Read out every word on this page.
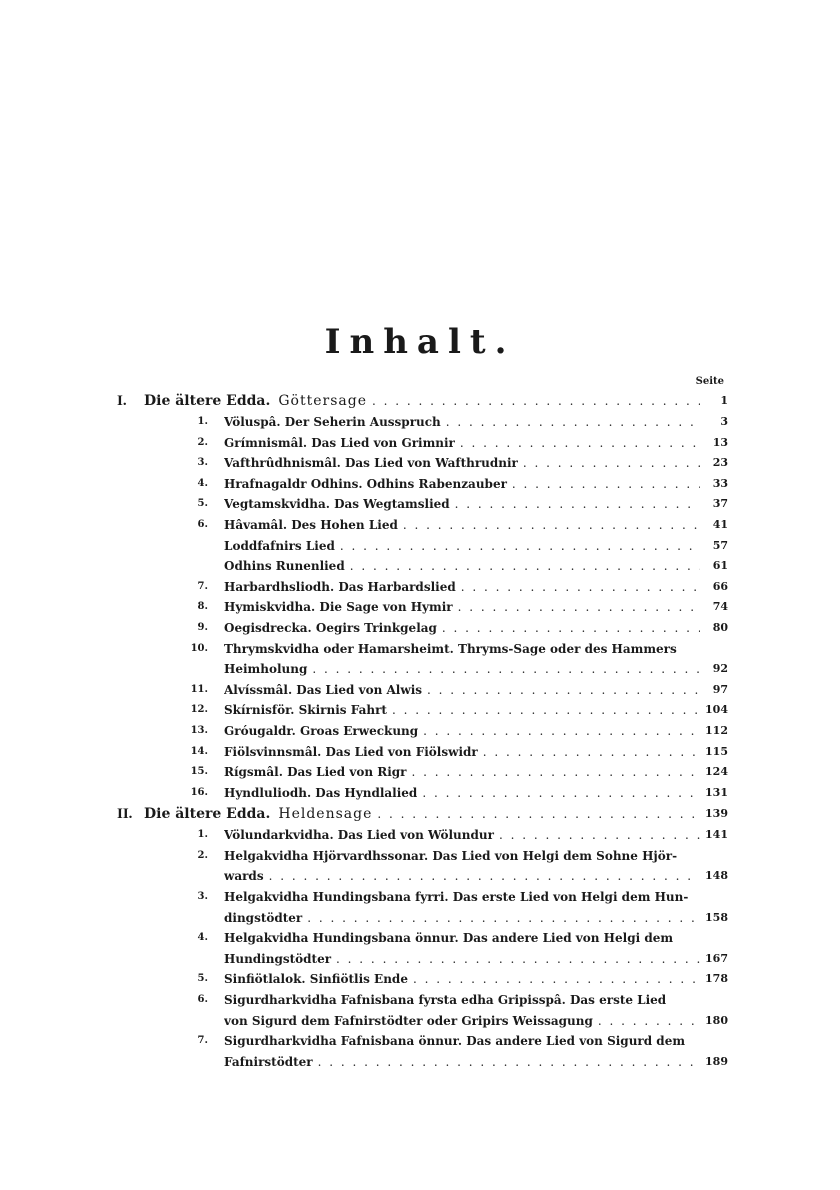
Inhalt.
Seite
I. Die ältere Edda. Göttersage . . .	1
1. Völuspâ. Der Seherin Ausspruch . . .	3
2. Grímnismâl. Das Lied von Grimnir . . .	13
3. Vafthrûdhnismâl. Das Lied von Wafthrudnir . . .	23
4. Hrafnagaldr Odhins. Odhins Rabenzauber . . .	33
5. Vegtamskvidha. Das Wegtamslied . . .	37
6. Hâvamâl. Des Hohen Lied . . .	41
Loddfafnirs Lied . . .	57
Odhins Runenlied . . .	61
7. Harbardhsliodh. Das Harbardslied . . .	66
8. Hymiskvidha. Die Sage von Hymir . . .	74
9. Oegisdrecka. Oegirs Trinkgelag . . .	80
10. Thrymskvidha oder Hamarsheimt. Thryms-Sage oder des Hammers
Heimholung . . .	92
11. Alvíssmâl. Das Lied von Alwis . . .	97
12. Skírnisför. Skirnis Fahrt . . .	104
13. Gróugaldr. Groas Erweckung . . .	112
14. Fiölsvinnsmâl. Das Lied von Fiölswidr . . .	115
15. Rígsmâl. Das Lied von Rigr . . .	124
16. Hyndluliodh. Das Hyndlalied . . .	131
II. Die ältere Edda. Heldensage . . .	139
1. Völundarkvidha. Das Lied von Wölundur . . .	141
2. Helgakvidha Hjörvardhssonar. Das Lied von Helgi dem Sohne Hjör-
wards . . .	148
3. Helgakvidha Hundingsbana fyrri. Das erste Lied von Helgi dem Hun-
dingstödter . . .	158
4. Helgakvidha Hundingsbana önnur. Das andere Lied von Helgi dem
Hundingstödter . . .	167
5. Sinfiötlalok. Sinfiötlis Ende . . .	178
6. Sigurdharkvidha Fafnisbana fyrsta edha Gripisspâ. Das erste Lied
von Sigurd dem Fafnirstödter oder Gripirs Weissagung . . .	180
7. Sigurdharkvidha Fafnisbana önnur. Das andere Lied von Sigurd dem
Fafnirstödter . . .	189
